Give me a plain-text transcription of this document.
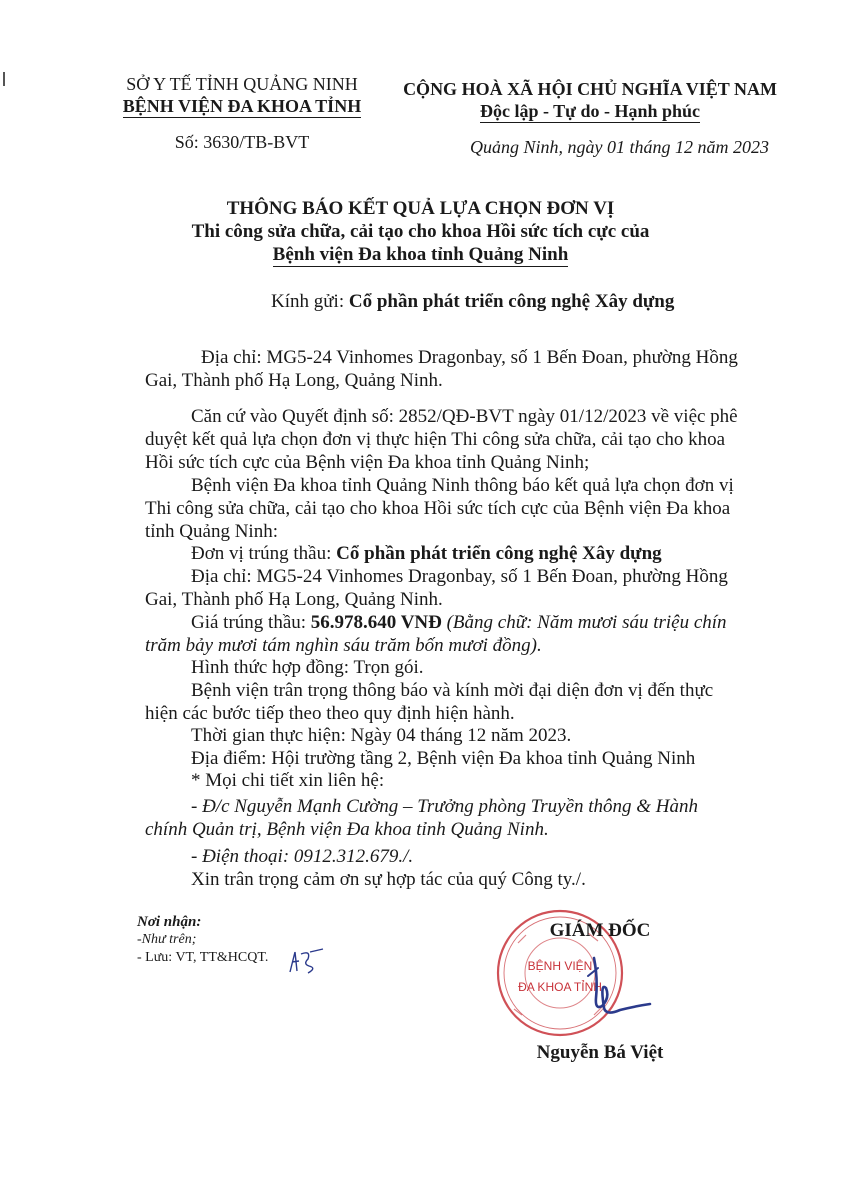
SỞ Y TẾ TỈNH QUẢNG NINH
BỆNH VIỆN ĐA KHOA TỈNH
Số: 3630/TB-BVT
CỘNG HOÀ XÃ HỘI CHỦ NGHĨA VIỆT NAM
Độc lập - Tự do - Hạnh phúc
Quảng Ninh, ngày 01 tháng 12 năm 2023
THÔNG BÁO KẾT QUẢ LỰA CHỌN ĐƠN VỊ
Thi công sửa chữa, cải tạo cho khoa Hồi sức tích cực của
Bệnh viện Đa khoa tỉnh Quảng Ninh
Kính gửi: Cổ phần phát triển công nghệ Xây dựng
Địa chỉ: MG5-24 Vinhomes Dragonbay, số 1 Bến Đoan, phường Hồng
Gai, Thành phố Hạ Long, Quảng Ninh.
Căn cứ vào Quyết định số: 2852/QĐ-BVT ngày 01/12/2023 về việc phê
duyệt kết quả lựa chọn đơn vị thực hiện Thi công sửa chữa, cải tạo cho khoa
Hồi sức tích cực của Bệnh viện Đa khoa tỉnh Quảng Ninh;
Bệnh viện Đa khoa tỉnh Quảng Ninh thông báo kết quả lựa chọn đơn vị
Thi công sửa chữa, cải tạo cho khoa Hồi sức tích cực của Bệnh viện Đa khoa
tỉnh Quảng Ninh:
Đơn vị trúng thầu: Cổ phần phát triển công nghệ Xây dựng
Địa chỉ: MG5-24 Vinhomes Dragonbay, số 1 Bến Đoan, phường Hồng
Gai, Thành phố Hạ Long, Quảng Ninh.
Giá trúng thầu: 56.978.640 VNĐ (Bằng chữ: Năm mươi sáu triệu chín
trăm bảy mươi tám nghìn sáu trăm bốn mươi đồng).
Hình thức hợp đồng: Trọn gói.
Bệnh viện trân trọng thông báo và kính mời đại diện đơn vị đến thực
hiện các bước tiếp theo theo quy định hiện hành.
Thời gian thực hiện: Ngày 04 tháng 12 năm 2023.
Địa điểm: Hội trường tầng 2, Bệnh viện Đa khoa tỉnh Quảng Ninh
* Mọi chi tiết xin liên hệ:
- Đ/c Nguyễn Mạnh Cường – Trưởng phòng Truyền thông & Hành
chính Quản trị, Bệnh viện Đa khoa tỉnh Quảng Ninh.
- Điện thoại: 0912.312.679./.
Xin trân trọng cảm ơn sự hợp tác của quý Công ty./.
Nơi nhận:
-Như trên;
- Lưu: VT, TT&HCQT.
BỆNH VIỆN
ĐA KHOA TỈNH
GIÁM ĐỐC
Nguyễn Bá Việt
